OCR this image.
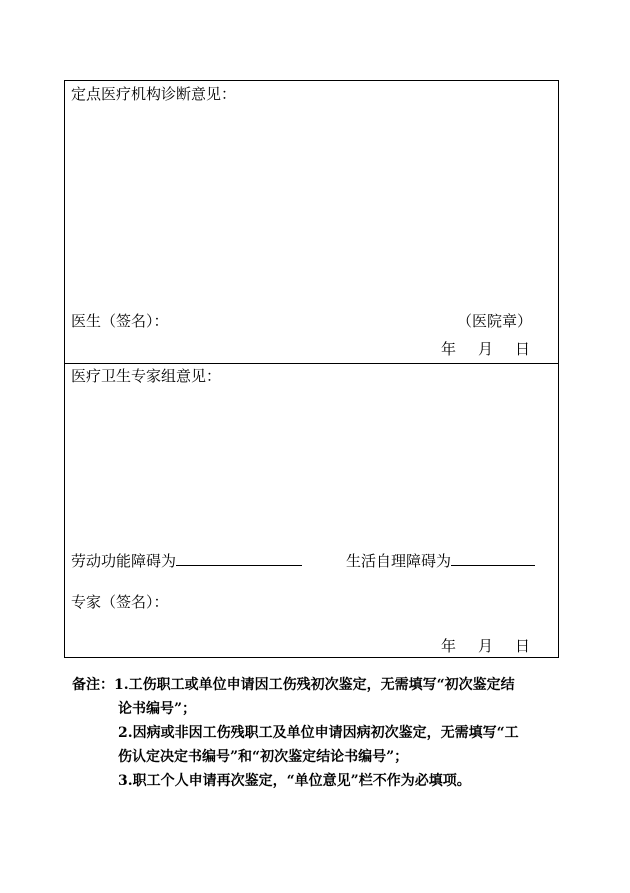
定点医疗机构诊断意见：
医生（签名）：	（医院章）
年 月 日
医疗卫生专家组意见：
劳动功能障碍为	生活自理障碍为
专家（签名）：
年 月 日
备注：1.工伤职工或单位申请因工伤残初次鉴定，无需填写“初次鉴定结
论书编号”；
2.因病或非因工伤残职工及单位申请因病初次鉴定，无需填写“工
伤认定决定书编号”和“初次鉴定结论书编号”；
3.职工个人申请再次鉴定，“单位意见”栏不作为必填项。
